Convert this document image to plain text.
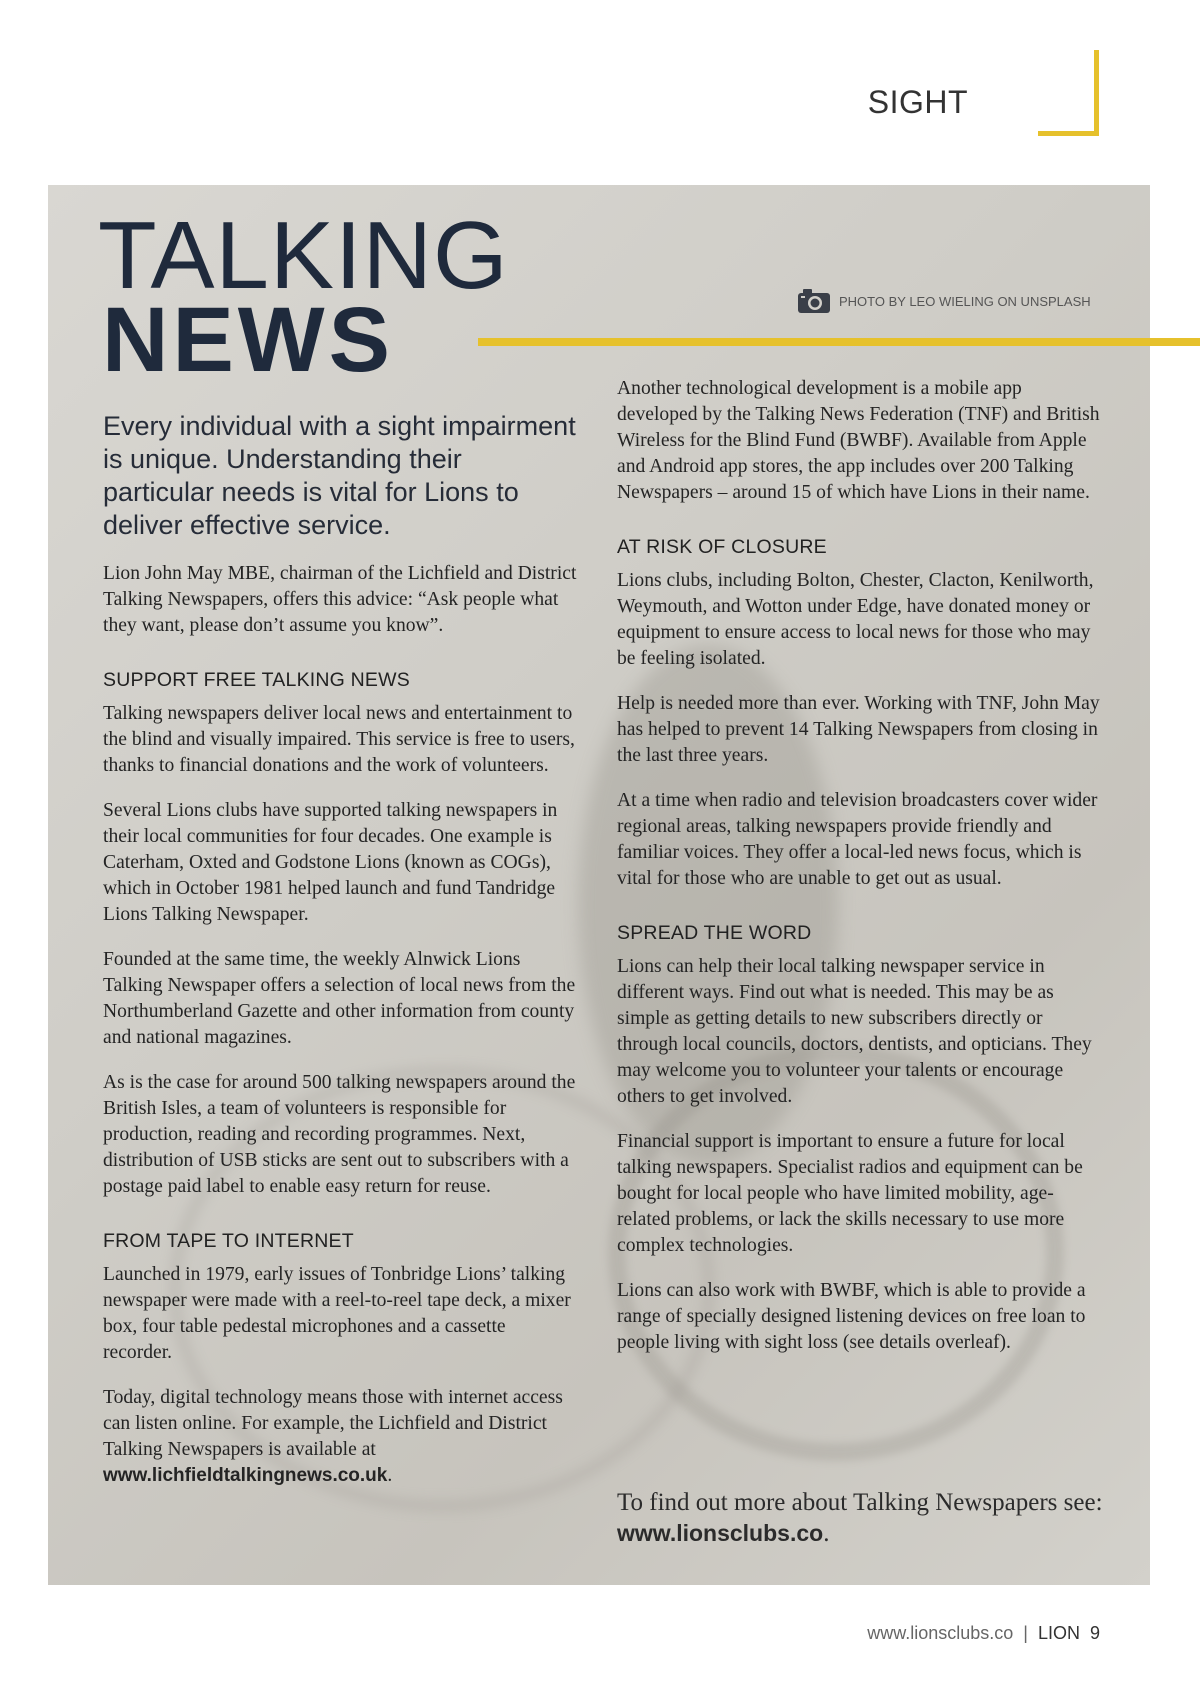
SIGHT
TALKING
NEWS	PHOTO BY LEO WIELING ON UNSPLASH

Every individual with a sight impairment is unique. Understanding their particular needs is vital for Lions to deliver effective service.

Lion John May MBE, chairman of the Lichfield and District Talking Newspapers, offers this advice: “Ask people what they want, please don’t assume you know”.

SUPPORT FREE TALKING NEWS

Talking newspapers deliver local news and entertainment to the blind and visually impaired. This service is free to users, thanks to financial donations and the work of volunteers.

Several Lions clubs have supported talking newspapers in their local communities for four decades. One example is Caterham, Oxted and Godstone Lions (known as COGs), which in October 1981 helped launch and fund Tandridge Lions Talking Newspaper.

Founded at the same time, the weekly Alnwick Lions Talking Newspaper offers a selection of local news from the Northumberland Gazette and other information from county and national magazines.

As is the case for around 500 talking newspapers around the British Isles, a team of volunteers is responsible for production, reading and recording programmes. Next, distribution of USB sticks are sent out to subscribers with a postage paid label to enable easy return for reuse.

FROM TAPE TO INTERNET

Launched in 1979, early issues of Tonbridge Lions’ talking newspaper were made with a reel-to-reel tape deck, a mixer box, four table pedestal microphones and a cassette recorder.

Today, digital technology means those with internet access can listen online. For example, the Lichfield and District Talking Newspapers is available at www.lichfieldtalkingnews.co.uk.

Another technological development is a mobile app developed by the Talking News Federation (TNF) and British Wireless for the Blind Fund (BWBF). Available from Apple and Android app stores, the app includes over 200 Talking Newspapers – around 15 of which have Lions in their name.

AT RISK OF CLOSURE

Lions clubs, including Bolton, Chester, Clacton, Kenilworth, Weymouth, and Wotton under Edge, have donated money or equipment to ensure access to local news for those who may be feeling isolated.

Help is needed more than ever. Working with TNF, John May has helped to prevent 14 Talking Newspapers from closing in the last three years.

At a time when radio and television broadcasters cover wider regional areas, talking newspapers provide friendly and familiar voices. They offer a local-led news focus, which is vital for those who are unable to get out as usual.

SPREAD THE WORD

Lions can help their local talking newspaper service in different ways. Find out what is needed. This may be as simple as getting details to new subscribers directly or through local councils, doctors, dentists, and opticians. They may welcome you to volunteer your talents or encourage others to get involved.

Financial support is important to ensure a future for local talking newspapers. Specialist radios and equipment can be bought for local people who have limited mobility, age-related problems, or lack the skills necessary to use more complex technologies.

Lions can also work with BWBF, which is able to provide a range of specially designed listening devices on free loan to people living with sight loss (see details overleaf).

To find out more about Talking Newspapers see:
www.lionsclubs.co.
www.lionsclubs.co | LION 9
